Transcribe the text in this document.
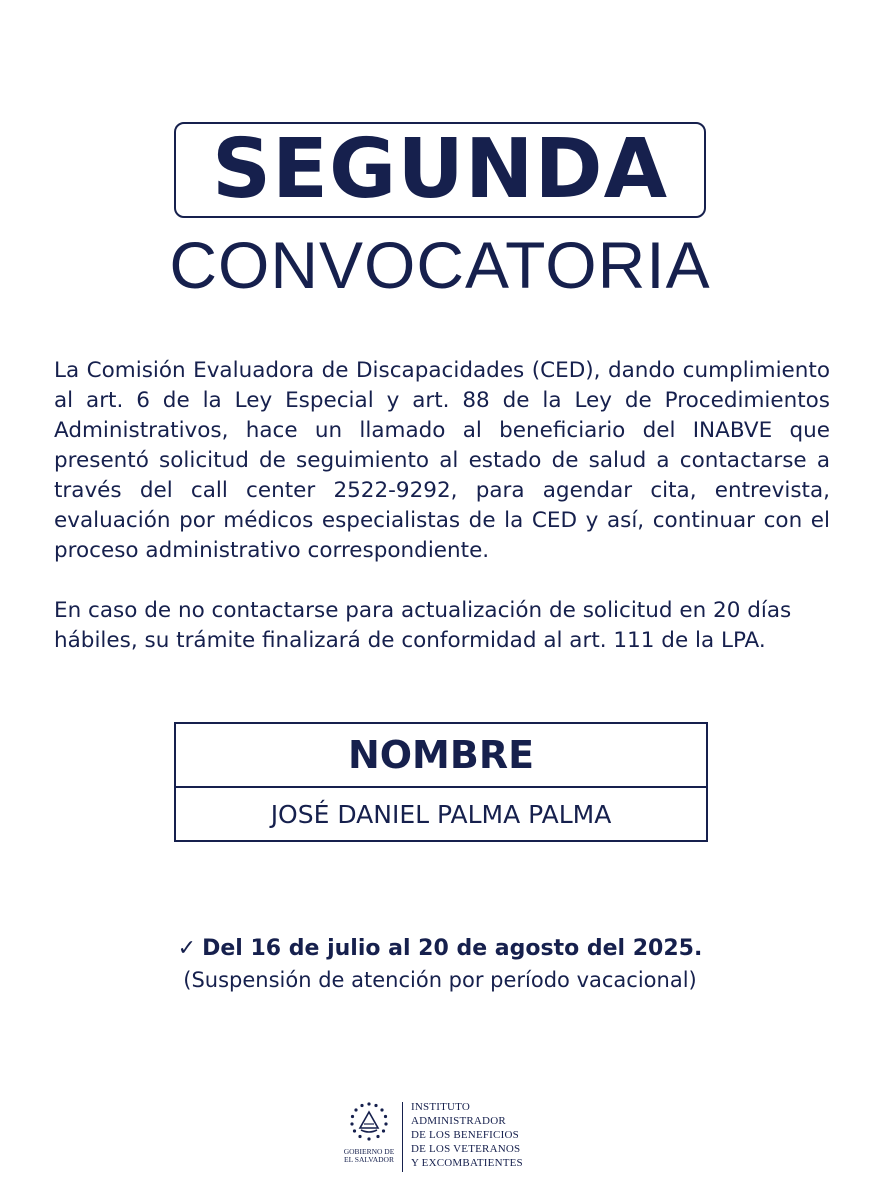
SEGUNDA
CONVOCATORIA

La Comisión Evaluadora de Discapacidades (CED), dando cumplimiento al art. 6 de la Ley Especial y art. 88 de la Ley de Procedimientos Administrativos, hace un llamado al beneficiario del INABVE que presentó solicitud de seguimiento al estado de salud a contactarse a través del call center 2522-9292, para agendar cita, entrevista, evaluación por médicos especialistas de la CED y así, continuar con el proceso administrativo correspondiente.

En caso de no contactarse para actualización de solicitud en 20 días hábiles, su trámite finalizará de conformidad al art. 111 de la LPA.

NOMBRE
JOSÉ DANIEL PALMA PALMA
✓ Del 16 de julio al 20 de agosto del 2025.
(Suspensión de atención por período vacacional)
GOBIERNO DE
EL SALVADOR
INSTITUTO
ADMINISTRADOR
DE LOS BENEFICIOS
DE LOS VETERANOS
Y EXCOMBATIENTES
